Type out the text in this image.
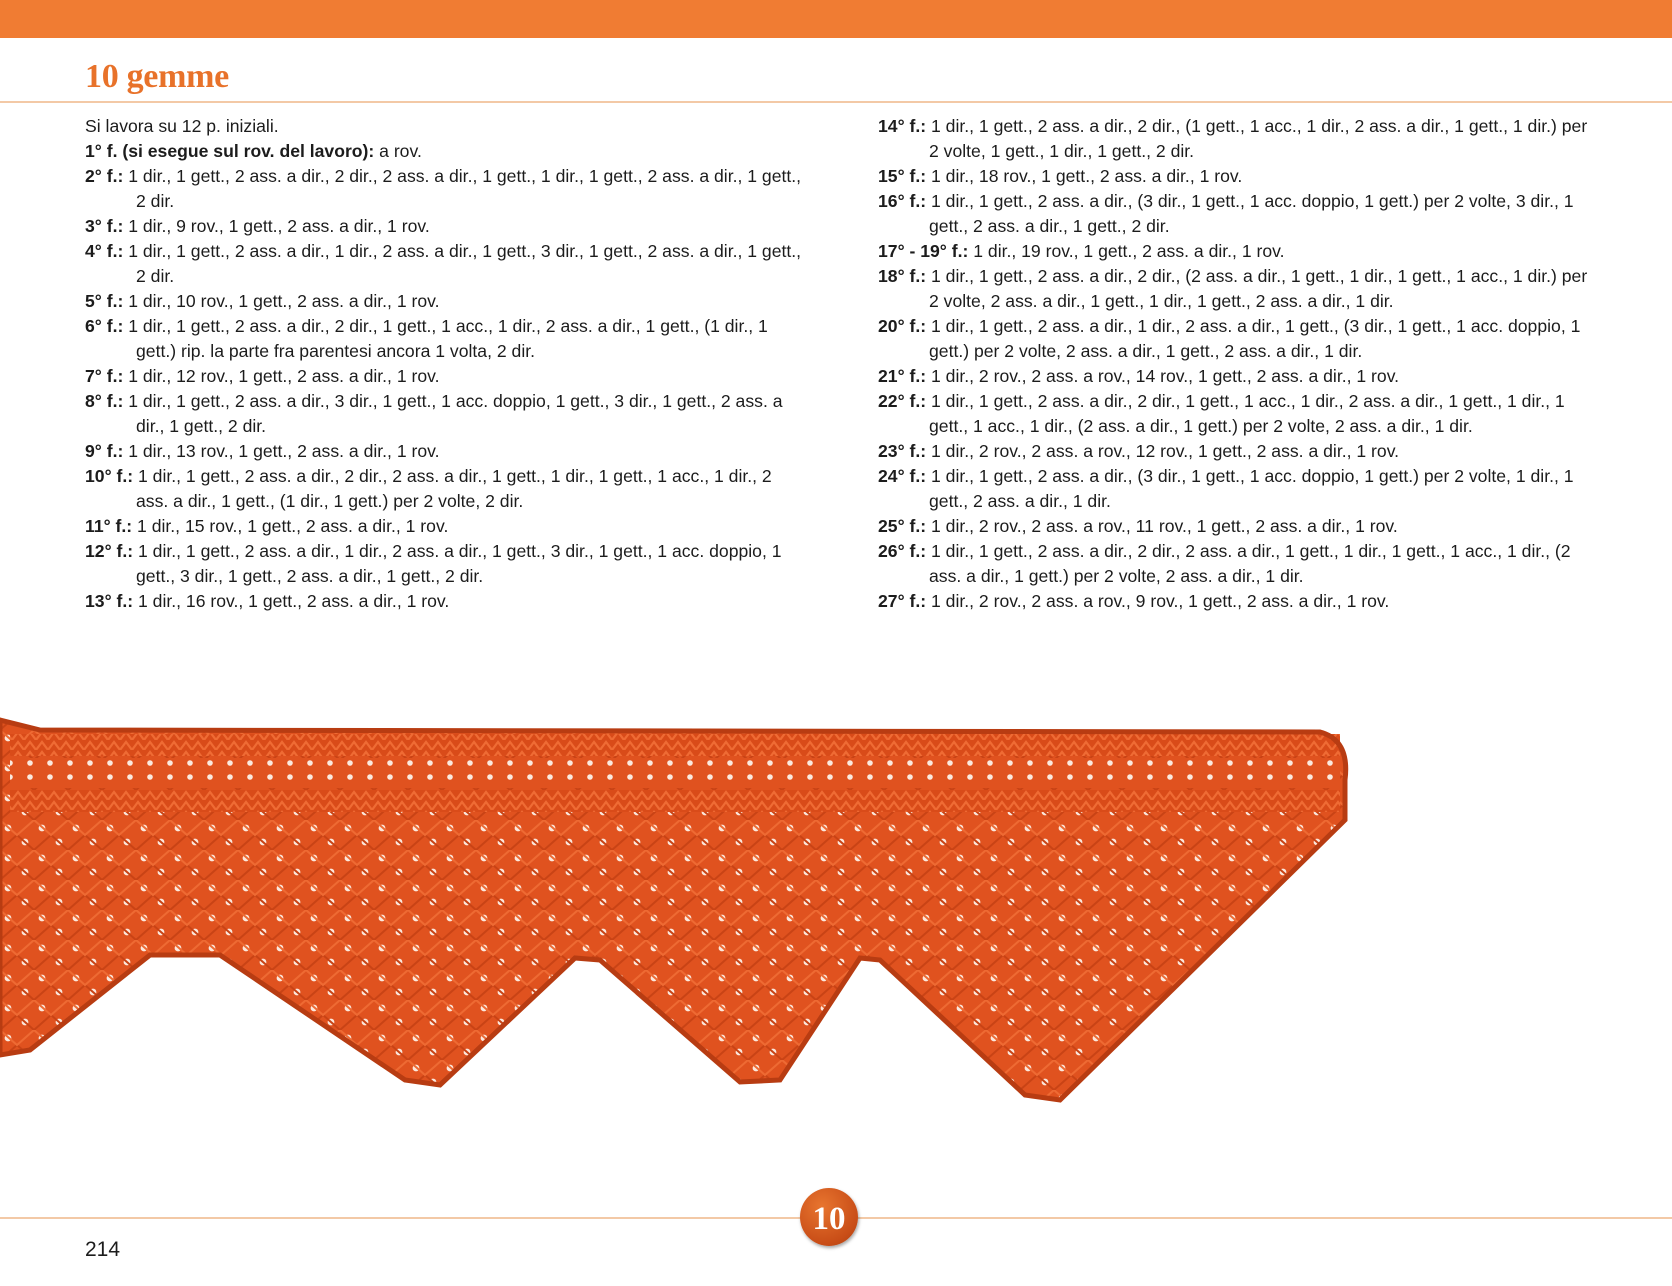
10 gemme

Si lavora su 12 p. iniziali.

1° f. (si esegue sul rov. del lavoro): a rov.

2° f.: 1 dir., 1 gett., 2 ass. a dir., 2 dir., 2 ass. a dir., 1 gett., 1 dir., 1 gett., 2 ass. a dir., 1 gett., 2 dir.

3° f.: 1 dir., 9 rov., 1 gett., 2 ass. a dir., 1 rov.

4° f.: 1 dir., 1 gett., 2 ass. a dir., 1 dir., 2 ass. a dir., 1 gett., 3 dir., 1 gett., 2 ass. a dir., 1 gett., 2 dir.

5° f.: 1 dir., 10 rov., 1 gett., 2 ass. a dir., 1 rov.

6° f.: 1 dir., 1 gett., 2 ass. a dir., 2 dir., 1 gett., 1 acc., 1 dir., 2 ass. a dir., 1 gett., (1 dir., 1 gett.) rip. la parte fra parentesi ancora 1 volta, 2 dir.

7° f.: 1 dir., 12 rov., 1 gett., 2 ass. a dir., 1 rov.

8° f.: 1 dir., 1 gett., 2 ass. a dir., 3 dir., 1 gett., 1 acc. doppio, 1 gett., 3 dir., 1 gett., 2 ass. a dir., 1 gett., 2 dir.

9° f.: 1 dir., 13 rov., 1 gett., 2 ass. a dir., 1 rov.

10° f.: 1 dir., 1 gett., 2 ass. a dir., 2 dir., 2 ass. a dir., 1 gett., 1 dir., 1 gett., 1 acc., 1 dir., 2 ass. a dir., 1 gett., (1 dir., 1 gett.) per 2 volte, 2 dir.

11° f.: 1 dir., 15 rov., 1 gett., 2 ass. a dir., 1 rov.

12° f.: 1 dir., 1 gett., 2 ass. a dir., 1 dir., 2 ass. a dir., 1 gett., 3 dir., 1 gett., 1 acc. doppio, 1 gett., 3 dir., 1 gett., 2 ass. a dir., 1 gett., 2 dir.

13° f.: 1 dir., 16 rov., 1 gett., 2 ass. a dir., 1 rov.

14° f.: 1 dir., 1 gett., 2 ass. a dir., 2 dir., (1 gett., 1 acc., 1 dir., 2 ass. a dir., 1 gett., 1 dir.) per 2 volte, 1 gett., 1 dir., 1 gett., 2 dir.

15° f.: 1 dir., 18 rov., 1 gett., 2 ass. a dir., 1 rov.

16° f.: 1 dir., 1 gett., 2 ass. a dir., (3 dir., 1 gett., 1 acc. doppio, 1 gett.) per 2 volte, 3 dir., 1 gett., 2 ass. a dir., 1 gett., 2 dir.

17° - 19° f.: 1 dir., 19 rov., 1 gett., 2 ass. a dir., 1 rov.

18° f.: 1 dir., 1 gett., 2 ass. a dir., 2 dir., (2 ass. a dir., 1 gett., 1 dir., 1 gett., 1 acc., 1 dir.) per 2 volte, 2 ass. a dir., 1 gett., 1 dir., 1 gett., 2 ass. a dir., 1 dir.

20° f.: 1 dir., 1 gett., 2 ass. a dir., 1 dir., 2 ass. a dir., 1 gett., (3 dir., 1 gett., 1 acc. doppio, 1 gett.) per 2 volte, 2 ass. a dir., 1 gett., 2 ass. a dir., 1 dir.

21° f.: 1 dir., 2 rov., 2 ass. a rov., 14 rov., 1 gett., 2 ass. a dir., 1 rov.

22° f.: 1 dir., 1 gett., 2 ass. a dir., 2 dir., 1 gett., 1 acc., 1 dir., 2 ass. a dir., 1 gett., 1 dir., 1 gett., 1 acc., 1 dir., (2 ass. a dir., 1 gett.) per 2 volte, 2 ass. a dir., 1 dir.

23° f.: 1 dir., 2 rov., 2 ass. a rov., 12 rov., 1 gett., 2 ass. a dir., 1 rov.

24° f.: 1 dir., 1 gett., 2 ass. a dir., (3 dir., 1 gett., 1 acc. doppio, 1 gett.) per 2 volte, 1 dir., 1 gett., 2 ass. a dir., 1 dir.

25° f.: 1 dir., 2 rov., 2 ass. a rov., 11 rov., 1 gett., 2 ass. a dir., 1 rov.

26° f.: 1 dir., 1 gett., 2 ass. a dir., 2 dir., 2 ass. a dir., 1 gett., 1 dir., 1 gett., 1 acc., 1 dir., (2 ass. a dir., 1 gett.) per 2 volte, 2 ass. a dir., 1 dir.

27° f.: 1 dir., 2 rov., 2 ass. a rov., 9 rov., 1 gett., 2 ass. a dir., 1 rov.

10
214
